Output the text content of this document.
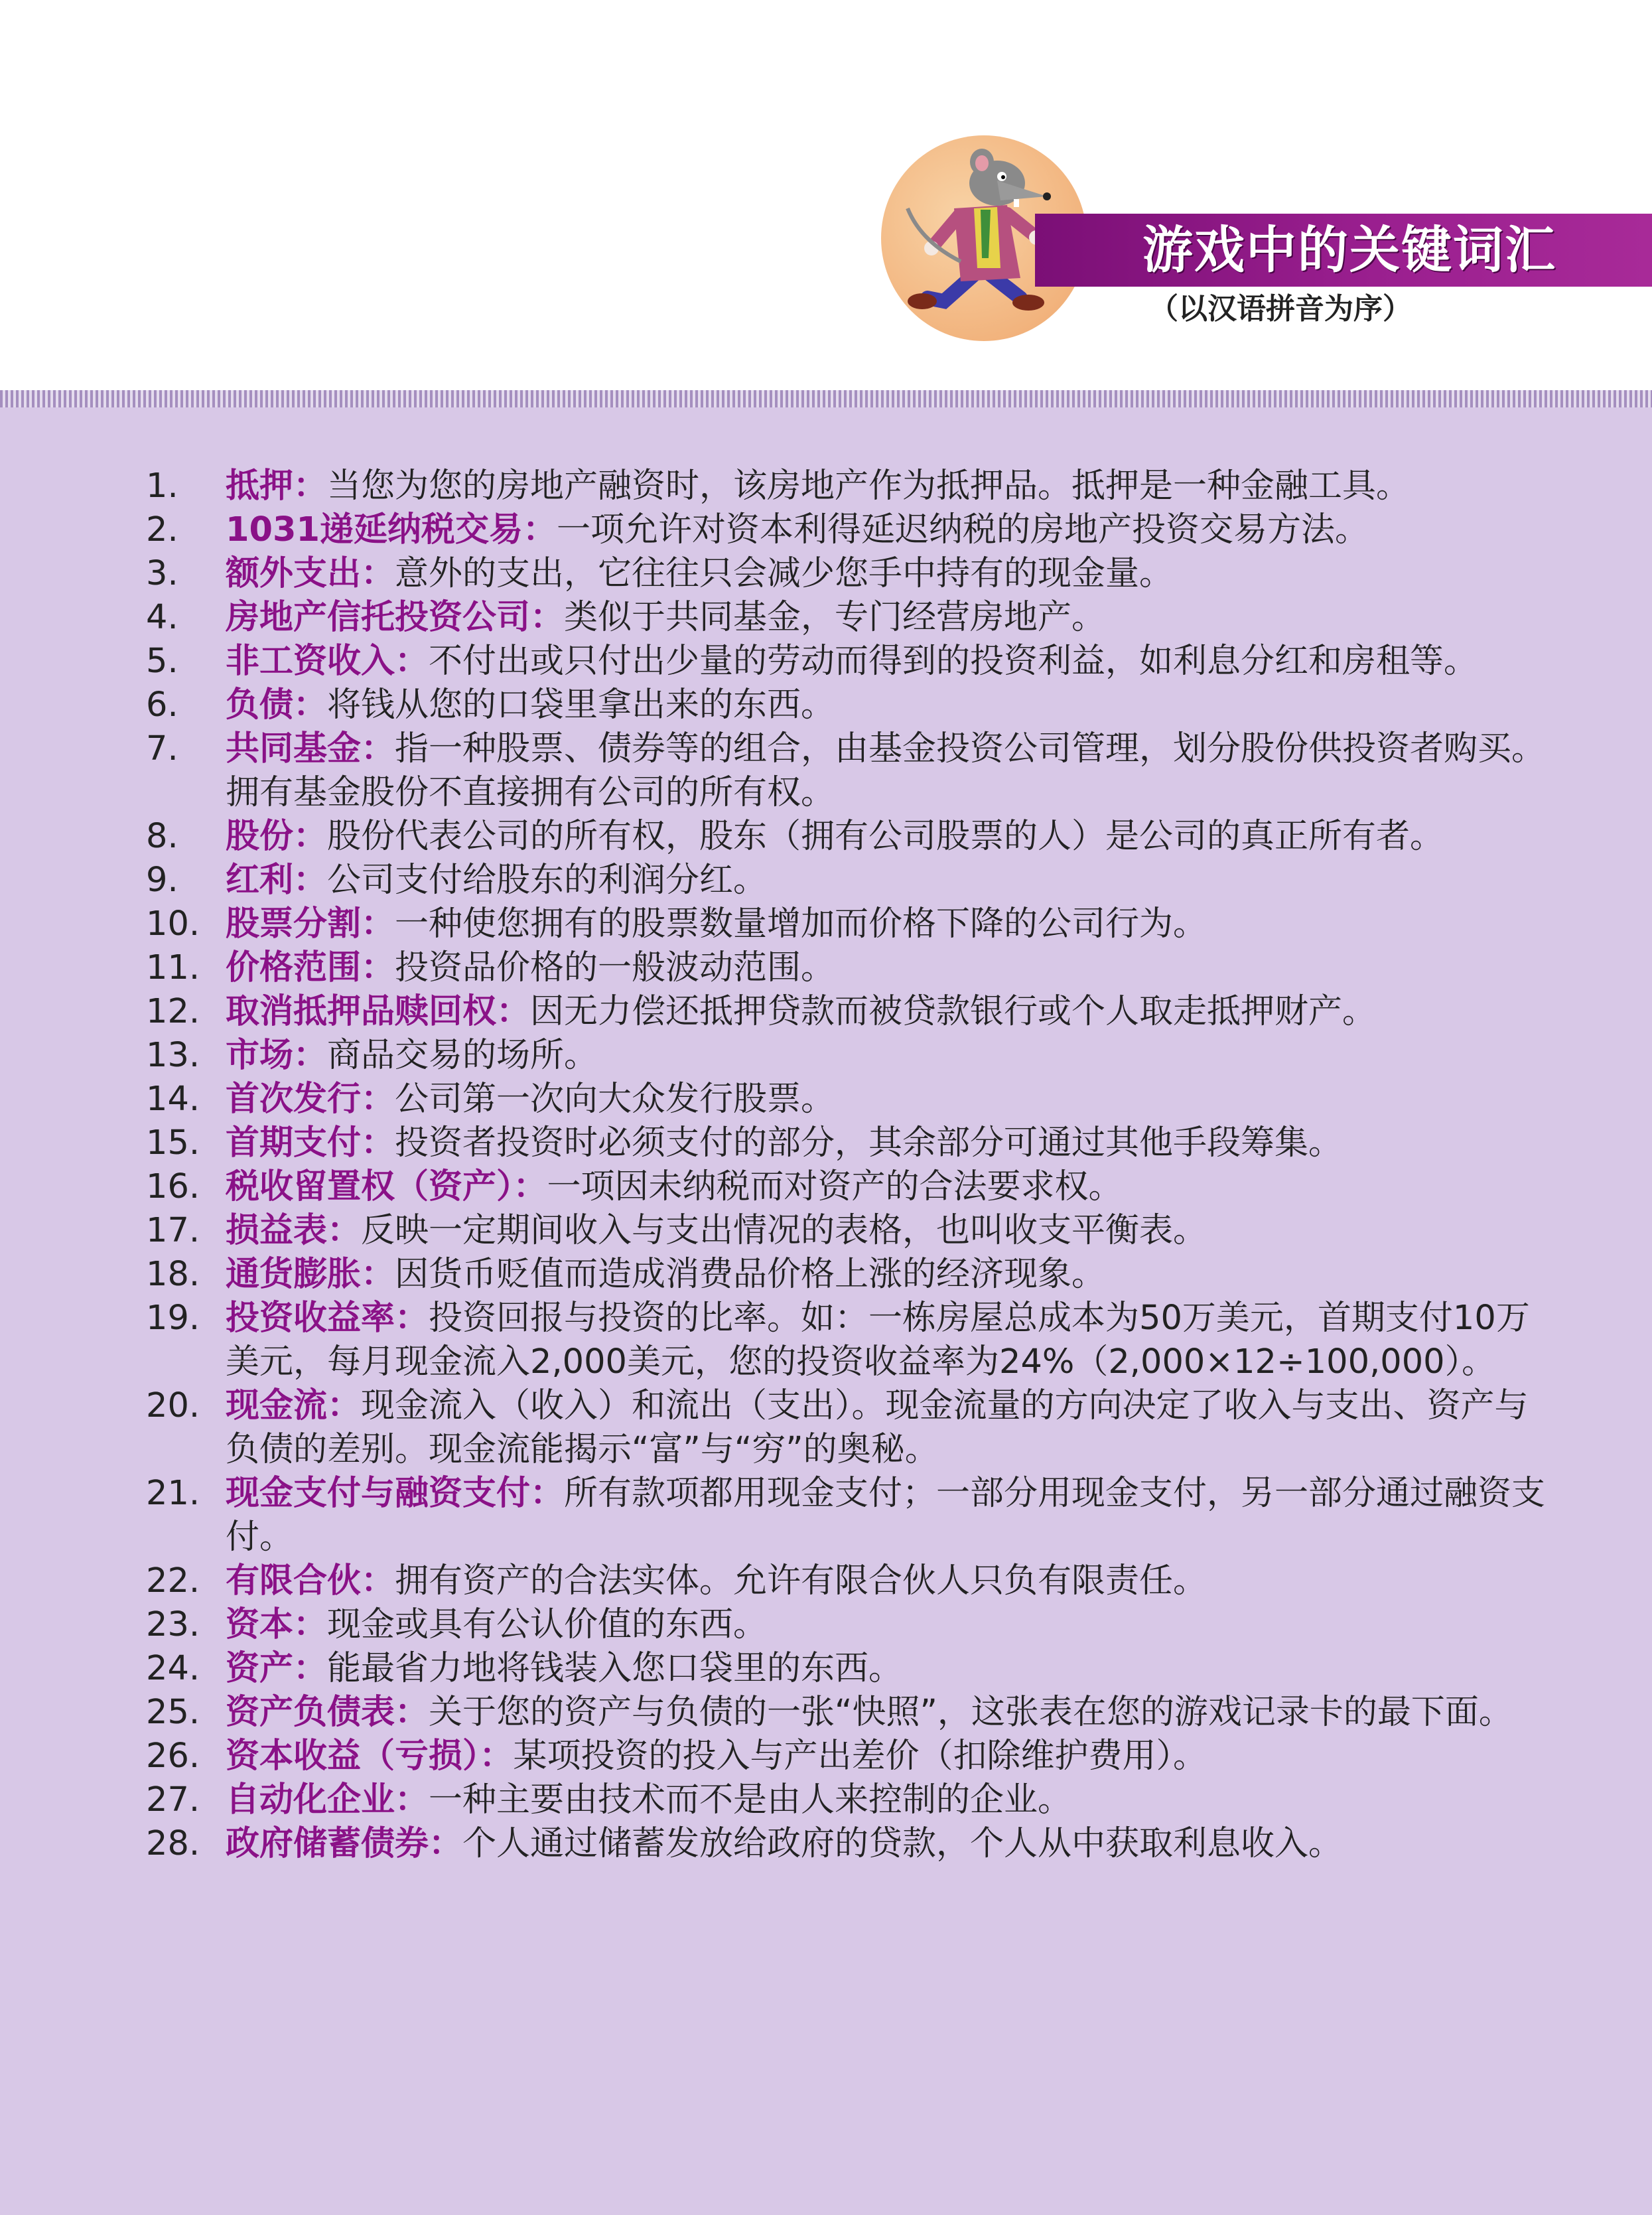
游戏中的关键词汇
（以汉语拼音为序）
1.	抵押：当您为您的房地产融资时，该房地产作为抵押品。抵押是一种金融工具。
2.	1031递延纳税交易：一项允许对资本利得延迟纳税的房地产投资交易方法。
3.	额外支出：意外的支出，它往往只会减少您手中持有的现金量。
4.	房地产信托投资公司：类似于共同基金，专门经营房地产。
5.	非工资收入：不付出或只付出少量的劳动而得到的投资利益，如利息分红和房租等。
6.	负债：将钱从您的口袋里拿出来的东西。
7.	共同基金：指一种股票、债券等的组合，由基金投资公司管理，划分股份供投资者购买。拥有基金股份不直接拥有公司的所有权。
8.	股份：股份代表公司的所有权，股东（拥有公司股票的人）是公司的真正所有者。
9.	红利：公司支付给股东的利润分红。
10. 股票分割：一种使您拥有的股票数量增加而价格下降的公司行为。
11. 价格范围：投资品价格的一般波动范围。
12. 取消抵押品赎回权：因无力偿还抵押贷款而被贷款银行或个人取走抵押财产。
13. 市场：商品交易的场所。
14. 首次发行：公司第一次向大众发行股票。
15. 首期支付：投资者投资时必须支付的部分，其余部分可通过其他手段筹集。
16. 税收留置权（资产）：一项因未纳税而对资产的合法要求权。
17. 损益表：反映一定期间收入与支出情况的表格，也叫收支平衡表。
18. 通货膨胀：因货币贬值而造成消费品价格上涨的经济现象。
19. 投资收益率：投资回报与投资的比率。如：一栋房屋总成本为50万美元，首期支付10万美元，每月现金流入2,000美元，您的投资收益率为24%（2,000×12÷100,000）。
20. 现金流：现金流入（收入）和流出（支出）。现金流量的方向决定了收入与支出、资产与负债的差别。现金流能揭示“富”与“穷”的奥秘。
21. 现金支付与融资支付：所有款项都用现金支付；一部分用现金支付，另一部分通过融资支付。
22. 有限合伙：拥有资产的合法实体。允许有限合伙人只负有限责任。
23. 资本：现金或具有公认价值的东西。
24. 资产：能最省力地将钱装入您口袋里的东西。
25. 资产负债表：关于您的资产与负债的一张“快照”，这张表在您的游戏记录卡的最下面。
26. 资本收益（亏损）：某项投资的投入与产出差价（扣除维护费用）。
27. 自动化企业：一种主要由技术而不是由人来控制的企业。
28. 政府储蓄债券：个人通过储蓄发放给政府的贷款，个人从中获取利息收入。
